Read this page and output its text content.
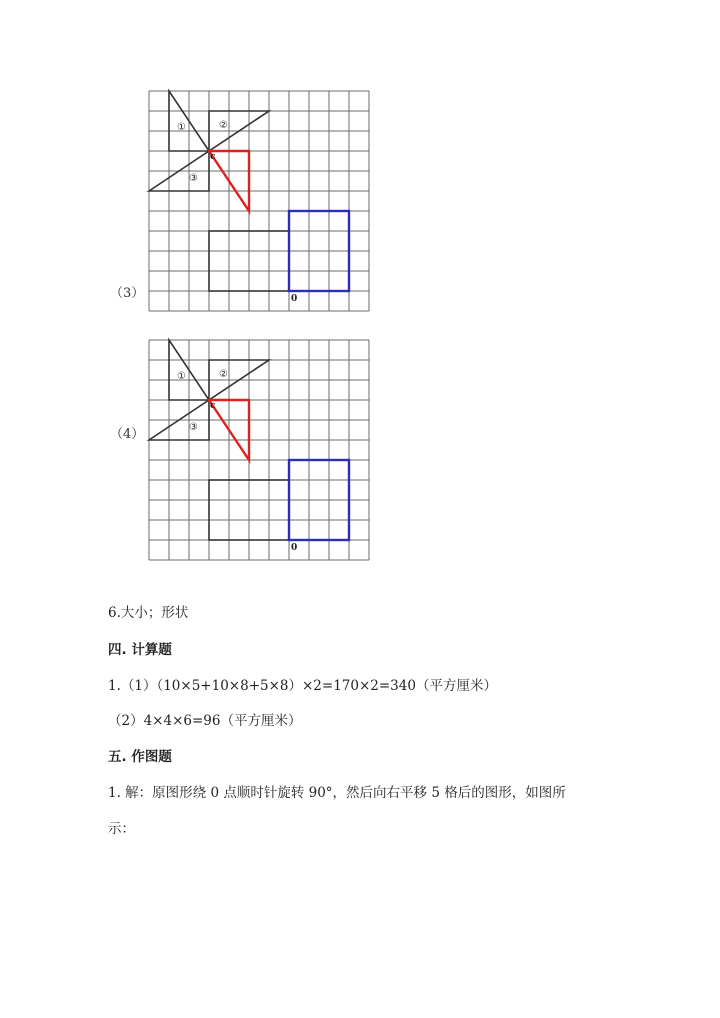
（3）
①	②
③
c
0
（4）
①	②
③
c
0
6.大小；形状
四. 计算题
1.（1）（10×5+10×8+5×8）×2=170×2=340（平方厘米）
（2）4×4×6=96（平方厘米）
五. 作图题
1. 解：原图形绕 0 点顺时针旋转 90°，然后向右平移 5 格后的图形，如图所
示：
